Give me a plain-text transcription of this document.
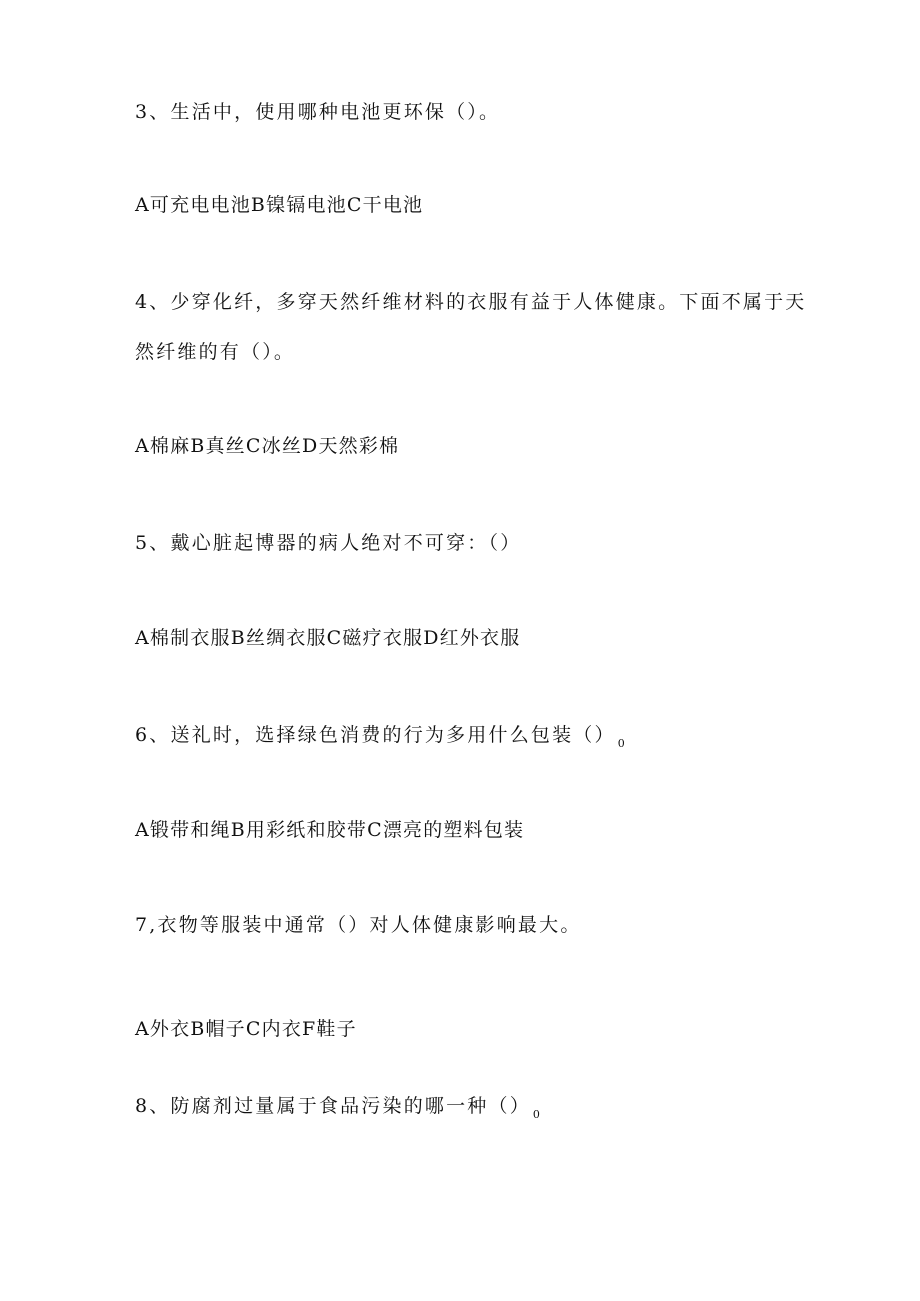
3、生活中，使用哪种电池更环保（）。
A可充电电池B镍镉电池C干电池
4、少穿化纤，多穿天然纤维材料的衣服有益于人体健康。下面不属于天
然纤维的有（）。
A棉麻B真丝C冰丝D天然彩棉
5、戴心脏起博器的病人绝对不可穿：（）
A棉制衣服B丝绸衣服C磁疗衣服D红外衣服
6、送礼时，选择绿色消费的行为多用什么包装（） $_0$
A锻带和绳B用彩纸和胶带C漂亮的塑料包装
7,衣物等服装中通常（）对人体健康影响最大。
A外衣B帽子C内衣F鞋子
8、防腐剂过量属于食品污染的哪一种（） $_0$
